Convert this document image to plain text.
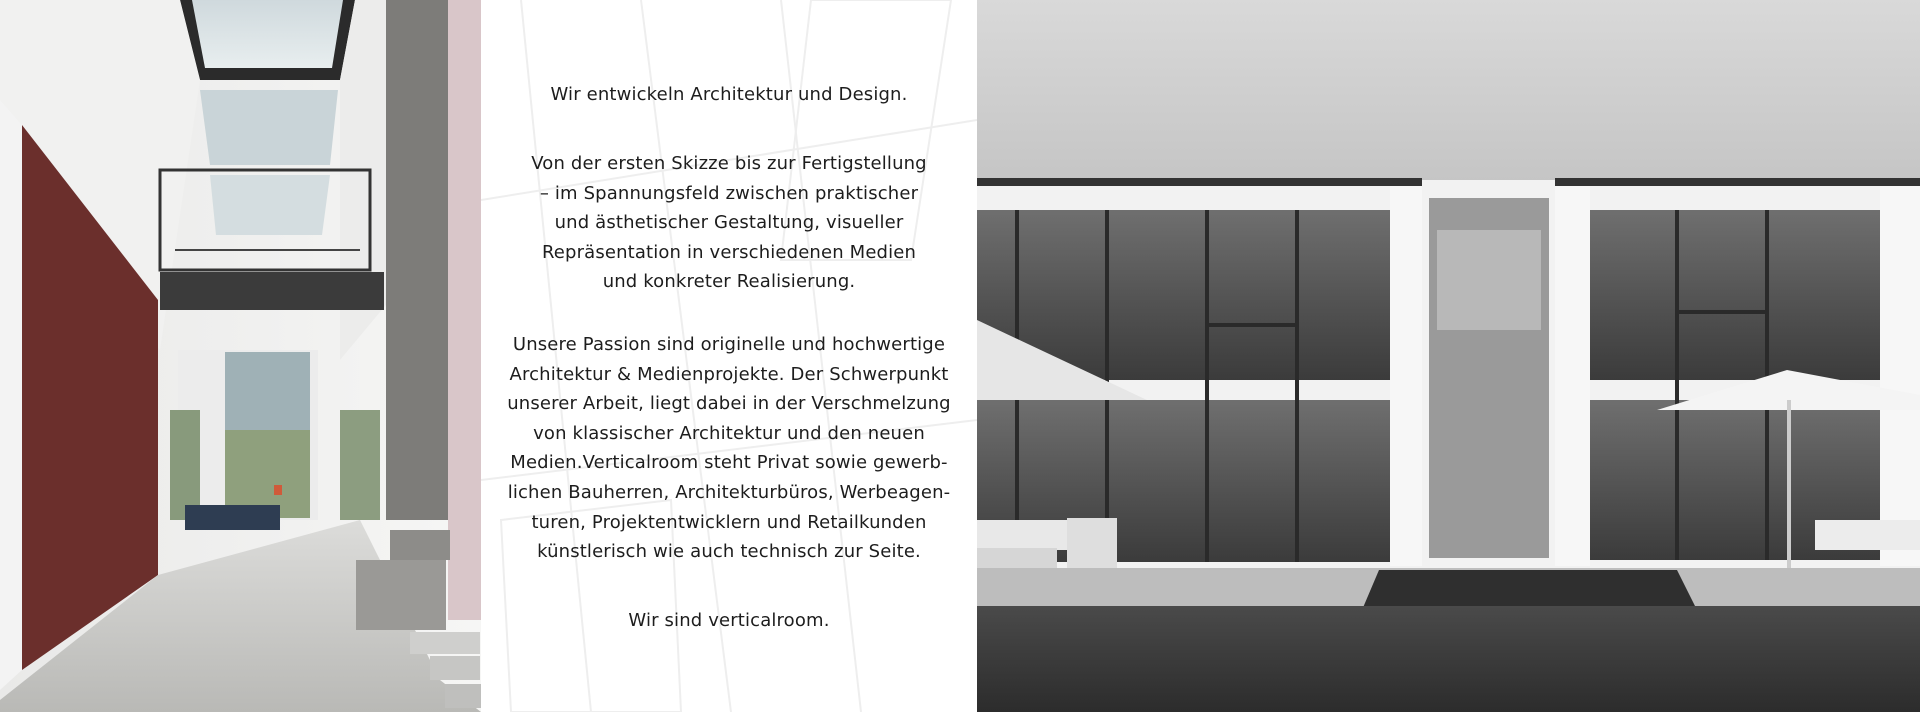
Wir entwickeln Architektur und Design.

Von der ersten Skizze bis zur Fertigstellung
– im Spannungsfeld zwischen praktischer
und ästhetischer Gestaltung, visueller
Repräsentation in verschiedenen Medien
und konkreter Realisierung.

Unsere Passion sind originelle und hochwertige
Architektur & Medienprojekte. Der Schwerpunkt
unserer Arbeit, liegt dabei in der Verschmelzung
von klassischer Architektur und den neuen
Medien.Verticalroom steht Privat sowie gewerb-
lichen Bauherren, Architekturbüros, Werbeagen-
turen, Projektentwicklern und Retailkunden
künstlerisch wie auch technisch zur Seite.

Wir sind verticalroom.
